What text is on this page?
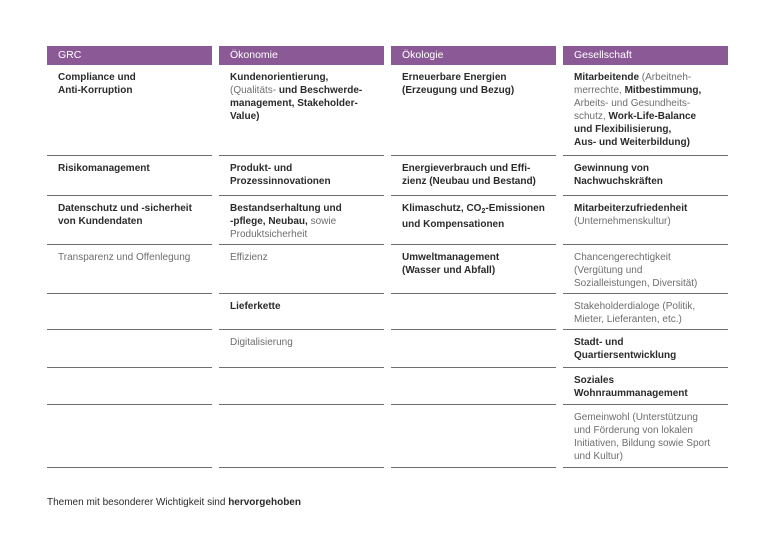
GRC
Compliance und
Anti-Korruption
Risikomanagement
Datenschutz und -sicherheit
von Kundendaten
Transparenz und Offenlegung
Ökonomie
Kundenorientierung,
(Qualitäts- und Beschwerde-
management, Stakeholder-
Value)
Produkt- und
Prozessinnovationen
Bestandserhaltung und
-pflege, Neubau, sowie
Produktsicherheit
Effizienz
Lieferkette
Digitalisierung
Ökologie
Erneuerbare Energien
(Erzeugung und Bezug)
Energieverbrauch und Effi-
zienz (Neubau und Bestand)
Klimaschutz, $CO_2$-Emissionen
und Kompensationen
Umweltmanagement
(Wasser und Abfall)
Gesellschaft
Mitarbeitende (Arbeitneh-
merrechte, Mitbestimmung,
Arbeits- und Gesundheits-
schutz, Work-Life-Balance
und Flexibilisierung,
Aus- und Weiterbildung)
Gewinnung von
Nachwuchskräften
Mitarbeiterzufriedenheit
(Unternehmenskultur)
Chancengerechtigkeit
(Vergütung und
Sozialleistungen, Diversität)
Stakeholderdialoge (Politik,
Mieter, Lieferanten, etc.)
Stadt- und
Quartiersentwicklung
Soziales
Wohnraummanagement
Gemeinwohl (Unterstützung
und Förderung von lokalen
Initiativen, Bildung sowie Sport
und Kultur)
Themen mit besonderer Wichtigkeit sind hervorgehoben
